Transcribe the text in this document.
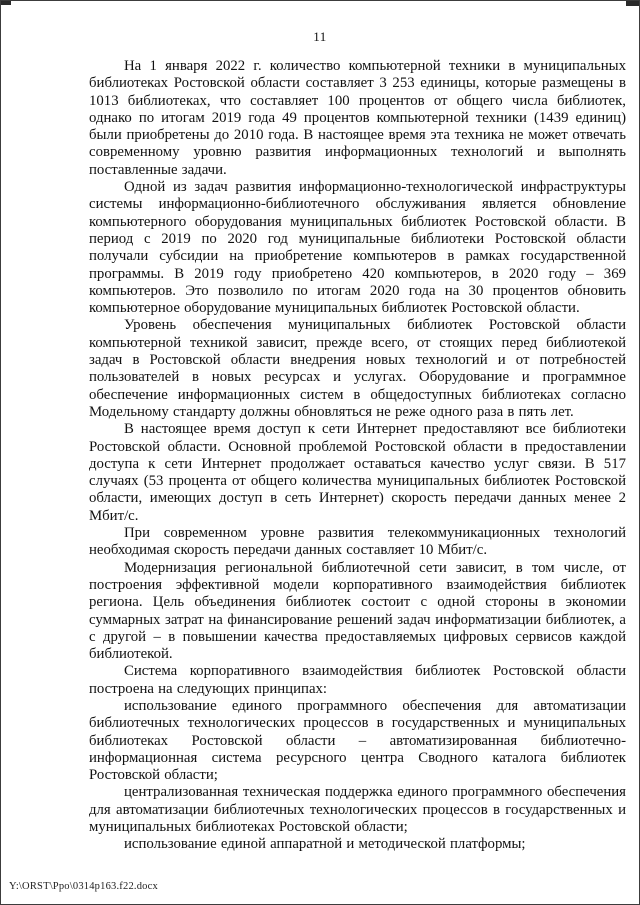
11

На 1 января 2022 г. количество компьютерной техники в муниципальных библиотеках Ростовской области составляет 3 253 единицы, которые размещены в 1013 библиотеках, что составляет 100 процентов от общего числа библиотек, однако по итогам 2019 года 49 процентов компьютерной техники (1439 единиц) были приобретены до 2010 года. В настоящее время эта техника не может отвечать современному уровню развития информационных технологий и выполнять поставленные задачи.

Одной из задач развития информационно-технологической инфраструктуры системы информационно-библиотечного обслуживания является обновление компьютерного оборудования муниципальных библиотек Ростовской области. В период с 2019 по 2020 год муниципальные библиотеки Ростовской области получали субсидии на приобретение компьютеров в рамках государственной программы. В 2019 году приобретено 420 компьютеров, в 2020 году – 369 компьютеров. Это позволило по итогам 2020 года на 30 процентов обновить компьютерное оборудование муниципальных библиотек Ростовской области.

Уровень обеспечения муниципальных библиотек Ростовской области компьютерной техникой зависит, прежде всего, от стоящих перед библиотекой задач в Ростовской области внедрения новых технологий и от потребностей пользователей в новых ресурсах и услугах. Оборудование и программное обеспечение информационных систем в общедоступных библиотеках согласно Модельному стандарту должны обновляться не реже одного раза в пять лет.

В настоящее время доступ к сети Интернет предоставляют все библиотеки Ростовской области. Основной проблемой Ростовской области в предоставлении доступа к сети Интернет продолжает оставаться качество услуг связи. В 517 случаях (53 процента от общего количества муниципальных библиотек Ростовской области, имеющих доступ в сеть Интернет) скорость передачи данных менее 2 Мбит/с.

При современном уровне развития телекоммуникационных технологий необходимая скорость передачи данных составляет 10 Мбит/с.

Модернизация региональной библиотечной сети зависит, в том числе, от построения эффективной модели корпоративного взаимодействия библиотек региона. Цель объединения библиотек состоит с одной стороны в экономии суммарных затрат на финансирование решений задач информатизации библиотек, а с другой – в повышении качества предоставляемых цифровых сервисов каждой библиотекой.

Система корпоративного взаимодействия библиотек Ростовской области построена на следующих принципах:

использование единого программного обеспечения для автоматизации библиотечных технологических процессов в государственных и муниципальных библиотеках Ростовской области – автоматизированная библиотечно-информационная система ресурсного центра Сводного каталога библиотек Ростовской области;

централизованная техническая поддержка единого программного обеспечения для автоматизации библиотечных технологических процессов в государственных и муниципальных библиотеках Ростовской области;

использование единой аппаратной и методической платформы;

Y:\ORST\Ppo\0314p163.f22.docx
